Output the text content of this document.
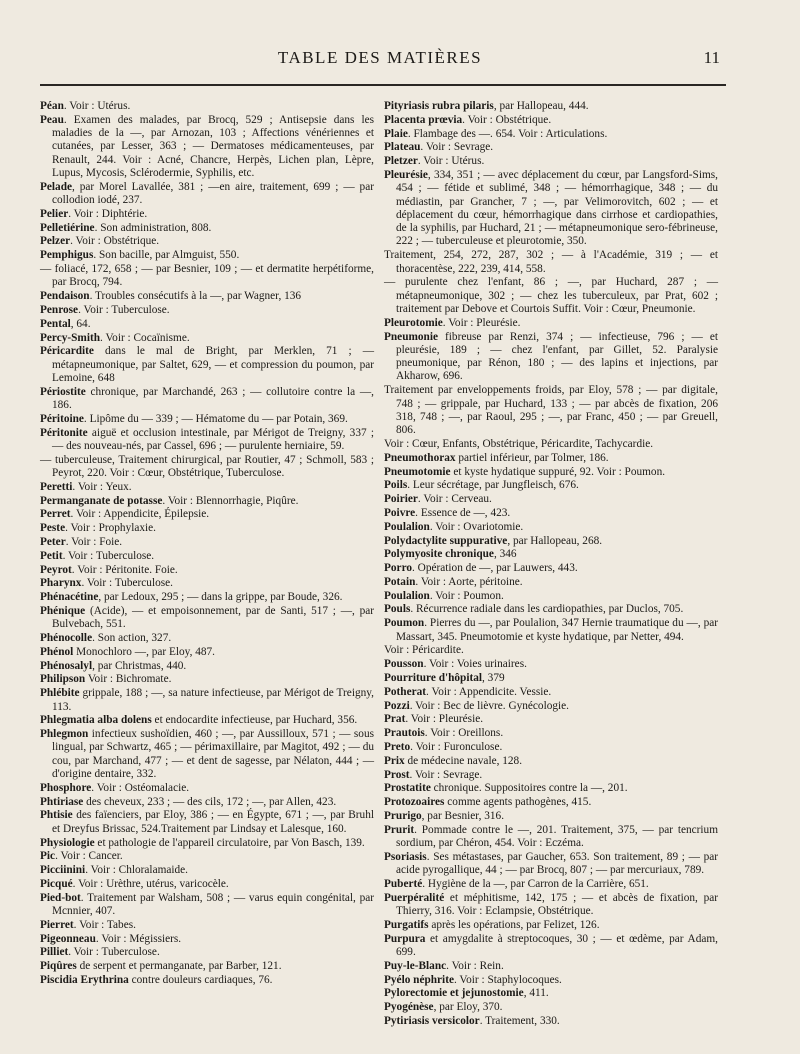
TABLE DES MATIÈRES	11

Péan. Voir : Utérus.

Peau. Examen des malades, par Brocq, 529 ; Antisepsie dans les maladies de la —, par Arnozan, 103 ; Affections vénériennes et cutanées, par Lesser, 363 ; — Dermatoses médicamenteuses, par Renault, 244. Voir : Acné, Chancre, Herpès, Lichen plan, Lèpre, Lupus, Mycosis, Sclérodermie, Syphilis, etc.

Pelade, par Morel Lavallée, 381 ; —en aire, traitement, 699 ; — par collodion iodé, 237.

Pelier. Voir : Diphtérie.

Pelletiérine. Son administration, 808.

Pelzer. Voir : Obstétrique.

Pemphigus. Son bacille, par Almguist, 550.

— foliacé, 172, 658 ; — par Besnier, 109 ; — et dermatite herpétiforme, par Brocq, 794.

Pendaison. Troubles consécutifs à la —, par Wagner, 136

Penrose. Voir : Tuberculose.

Pental, 64.

Percy-Smith. Voir : Cocaïnisme.

Péricardite dans le mal de Bright, par Merklen, 71 ; — métapneumonique, par Saltet, 629, — et compression du poumon, par Lemoine, 648

Périostite chronique, par Marchandé, 263 ; — collutoire contre la —, 186.

Péritoine. Lipôme du — 339 ; — Hématome du — par Potain, 369.

Péritonite aiguë et occlusion intestinale, par Mérigot de Treigny, 337 ; — des nouveau-nés, par Cassel, 696 ; — purulente herniaire, 59.

— tuberculeuse, Traitement chirurgical, par Routier, 47 ; Schmoll, 583 ; Peyrot, 220. Voir : Cœur, Obstétrique, Tuberculose.

Peretti. Voir : Yeux.

Permanganate de potasse. Voir : Blennorrhagie, Piqûre.

Perret. Voir : Appendicite, Épilepsie.

Peste. Voir : Prophylaxie.

Peter. Voir : Foie.

Petit. Voir : Tuberculose.

Peyrot. Voir : Péritonite. Foie.

Pharynx. Voir : Tuberculose.

Phénacétine, par Ledoux, 295 ; — dans la grippe, par Boude, 326.

Phénique (Acide), — et empoisonnement, par de Santi, 517 ; —, par Bulvebach, 551.

Phénocolle. Son action, 327.

Phénol Monochloro —, par Eloy, 487.

Phénosalyl, par Christmas, 440.

Philipson Voir : Bichromate.

Phlébite grippale, 188 ; —, sa nature infectieuse, par Mérigot de Treigny, 113.

Phlegmatia alba dolens et endocardite infectieuse, par Huchard, 356.

Phlegmon infectieux sushoïdien, 460 ; —, par Aussilloux, 571 ; — sous lingual, par Schwartz, 465 ; — périmaxillaire, par Magitot, 492 ; — du cou, par Marchand, 477 ; — et dent de sagesse, par Nélaton, 444 ; — d'origine dentaire, 332.

Phosphore. Voir : Ostéomalacie.

Phtiriase des cheveux, 233 ; — des cils, 172 ; —, par Allen, 423.

Phtisie des faïenciers, par Eloy, 386 ; — en Égypte, 671 ; —, par Bruhl et Dreyfus Brissac, 524.Traitement par Lindsay et Lalesque, 160.

Physiologie et pathologie de l'appareil circulatoire, par Von Basch, 139.

Pic. Voir : Cancer.

Picciinini. Voir : Chloralamaide.

Picqué. Voir : Urèthre, utérus, varicocèle.

Pied-bot. Traitement par Walsham, 508 ; — varus equin congénital, par Mcnnier, 407.

Pierret. Voir : Tabes.

Pigeonneau. Voir : Mégissiers.

Pilliet. Voir : Tuberculose.

Piqûres de serpent et permanganate, par Barber, 121.

Piscidia Erythrina contre douleurs cardiaques, 76.

Pityriasis rubra pilaris, par Hallopeau, 444.

Placenta prœvia. Voir : Obstétrique.

Plaie. Flambage des —. 654. Voir : Articulations.

Plateau. Voir : Sevrage.

Pletzer. Voir : Utérus.

Pleurésie, 334, 351 ; — avec déplacement du cœur, par Langsford-Sims, 454 ; — fétide et sublimé, 348 ; — hémorrhagique, 348 ; — du médiastin, par Grancher, 7 ; —, par Velimorovitch, 602 ; — et déplacement du cœur, hémorrhagique dans cirrhose et cardiopathies, de la syphilis, par Huchard, 21 ; — métapneumonique sero-fébrineuse, 222 ; — tuberculeuse et pleurotomie, 350.

Traitement, 254, 272, 287, 302 ; — à l'Académie, 319 ; — et thoracentèse, 222, 239, 414, 558.

— purulente chez l'enfant, 86 ; —, par Huchard, 287 ; — métapneumonique, 302 ; — chez les tuberculeux, par Prat, 602 ; traitement par Debove et Courtois Suffit. Voir : Cœur, Pneumonie.

Pleurotomie. Voir : Pleurésie.

Pneumonie fibreuse par Renzi, 374 ; — infectieuse, 796 ; — et pleurésie, 189 ; — chez l'enfant, par Gillet, 52. Paralysie pneumonique, par Rénon, 180 ; — des lapins et injections, par Akharow, 696.

Traitement par enveloppements froids, par Eloy, 578 ; — par digitale, 748 ; — grippale, par Huchard, 133 ; — par abcès de fixation, 206 318, 748 ; —, par Raoul, 295 ; —, par Franc, 450 ; — par Greuell, 806.

Voir : Cœur, Enfants, Obstétrique, Péricardite, Tachycardie.

Pneumothorax partiel inférieur, par Tolmer, 186.

Pneumotomie et kyste hydatique suppuré, 92. Voir : Poumon.

Poils. Leur sécrétage, par Jungfleisch, 676.

Poirier. Voir : Cerveau.

Poivre. Essence de —, 423.

Poulalion. Voir : Ovariotomie.

Polydactylite suppurative, par Hallopeau, 268.

Polymyosite chronique, 346

Porro. Opération de —, par Lauwers, 443.

Potain. Voir : Aorte, péritoine.

Poulalion. Voir : Poumon.

Pouls. Récurrence radiale dans les cardiopathies, par Duclos, 705.

Poumon. Pierres du —, par Poulalion, 347 Hernie traumatique du —, par Massart, 345. Pneumotomie et kyste hydatique, par Netter, 494.

Voir : Péricardite.

Pousson. Voir : Voies urinaires.

Pourriture d'hôpital, 379

Potherat. Voir : Appendicite. Vessie.

Pozzi. Voir : Bec de lièvre. Gynécologie.

Prat. Voir : Pleurésie.

Prautois. Voir : Oreillons.

Preto. Voir : Furonculose.

Prix de médecine navale, 128.

Prost. Voir : Sevrage.

Prostatite chronique. Suppositoires contre la —, 201.

Protozoaires comme agents pathogènes, 415.

Prurigo, par Besnier, 316.

Prurit. Pommade contre le —, 201. Traitement, 375, — par tencrium sordium, par Chéron, 454. Voir : Eczéma.

Psoriasis. Ses métastases, par Gaucher, 653. Son traitement, 89 ; — par acide pyrogallique, 44 ; — par Brocq, 807 ; — par mercuriaux, 789.

Puberté. Hygiène de la —, par Carron de la Carrière, 651.

Puerpéralité et méphitisme, 142, 175 ; — et abcès de fixation, par Thierry, 316. Voir : Eclampsie, Obstétrique.

Purgatifs après les opérations, par Felizet, 126.

Purpura et amygdalite à streptocoques, 30 ; — et œdème, par Adam, 699.

Puy-le-Blanc. Voir : Rein.

Pyélo néphrite. Voir : Staphylocoques.

Pylorectomie et jejunostomie, 411.

Pyogénèse, par Eloy, 370.

Pytiriasis versicolor. Traitement, 330.
